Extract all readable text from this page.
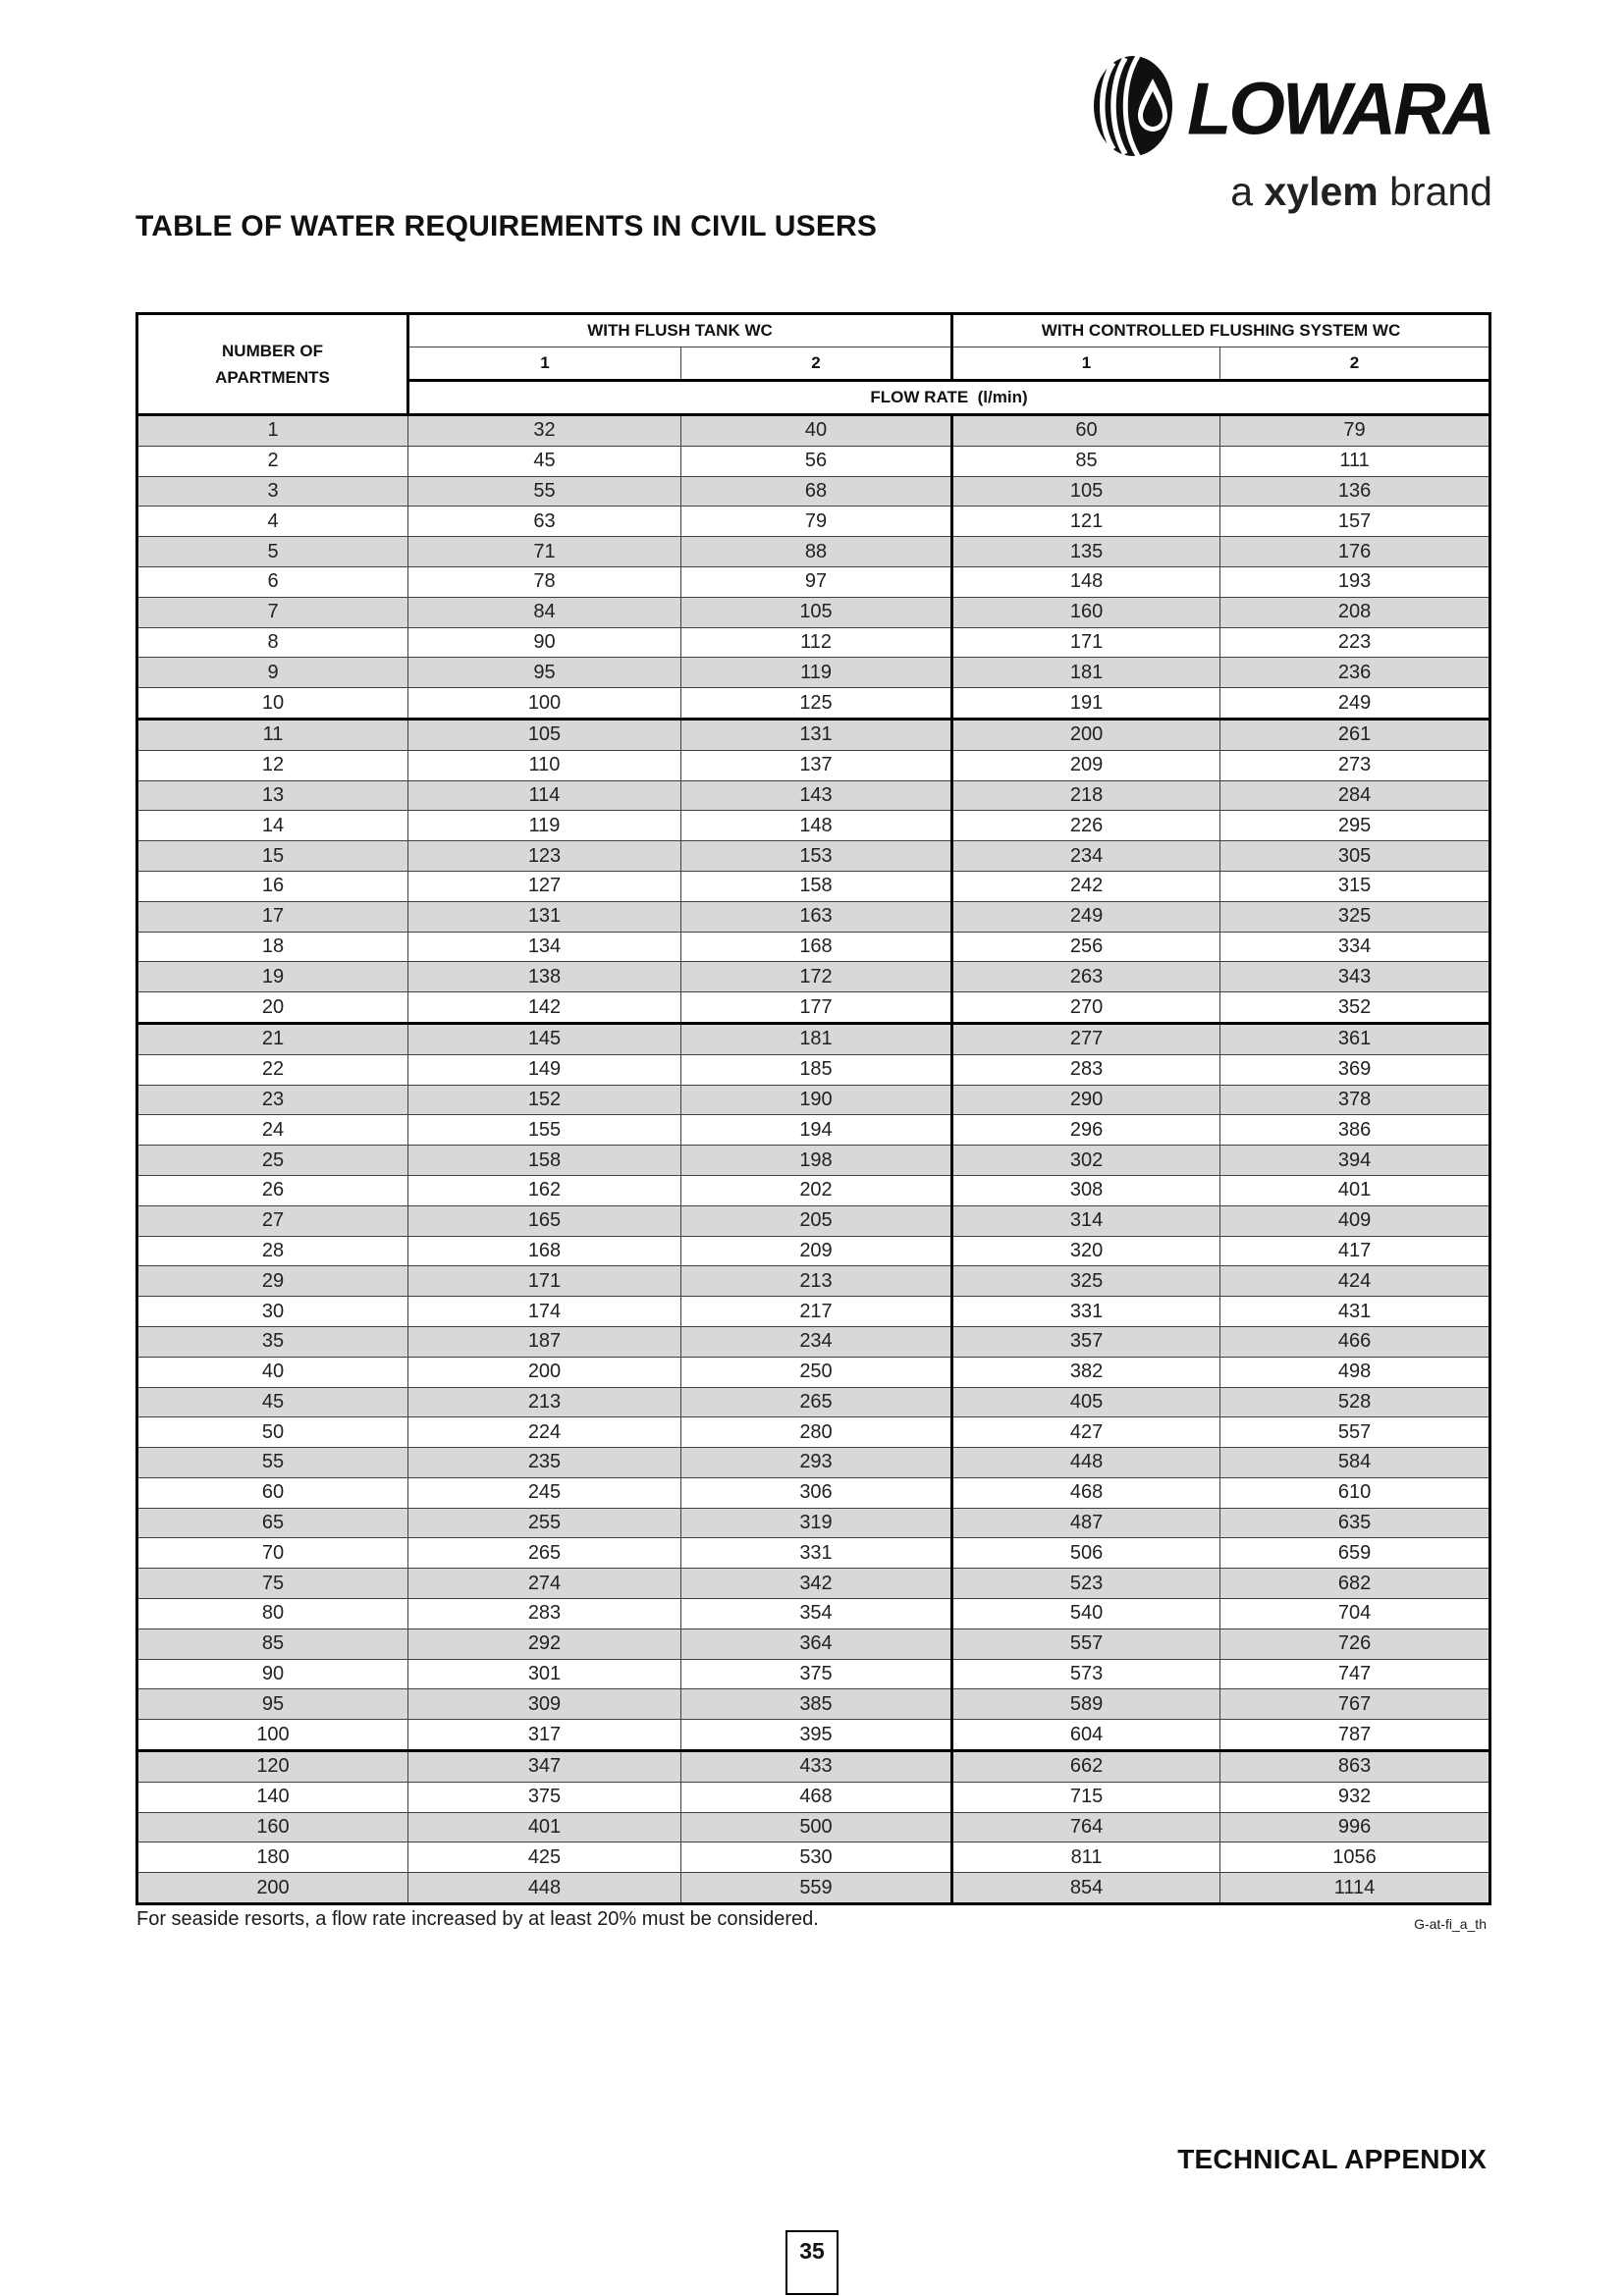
LOWARA
a xylem brand
TABLE OF WATER REQUIREMENTS IN CIVIL USERS
NUMBER OF
APARTMENTS	WITH FLUSH TANK WC		WITH CONTROLLED FLUSHING SYSTEM WC	
	1	2	1	2
	FLOW RATE  (l/min)			
1	32	40	60	79
2	45	56	85	111
3	55	68	105	136
4	63	79	121	157
5	71	88	135	176
6	78	97	148	193
7	84	105	160	208
8	90	112	171	223
9	95	119	181	236
10	100	125	191	249
11	105	131	200	261
12	110	137	209	273
13	114	143	218	284
14	119	148	226	295
15	123	153	234	305
16	127	158	242	315
17	131	163	249	325
18	134	168	256	334
19	138	172	263	343
20	142	177	270	352
21	145	181	277	361
22	149	185	283	369
23	152	190	290	378
24	155	194	296	386
25	158	198	302	394
26	162	202	308	401
27	165	205	314	409
28	168	209	320	417
29	171	213	325	424
30	174	217	331	431
35	187	234	357	466
40	200	250	382	498
45	213	265	405	528
50	224	280	427	557
55	235	293	448	584
60	245	306	468	610
65	255	319	487	635
70	265	331	506	659
75	274	342	523	682
80	283	354	540	704
85	292	364	557	726
90	301	375	573	747
95	309	385	589	767
100	317	395	604	787
120	347	433	662	863
140	375	468	715	932
160	401	500	764	996
180	425	530	811	1056
200	448	559	854	1114
For seaside resorts, a flow rate increased by at least 20% must be considered.	G-at-fi_a_th
TECHNICAL APPENDIX
35
